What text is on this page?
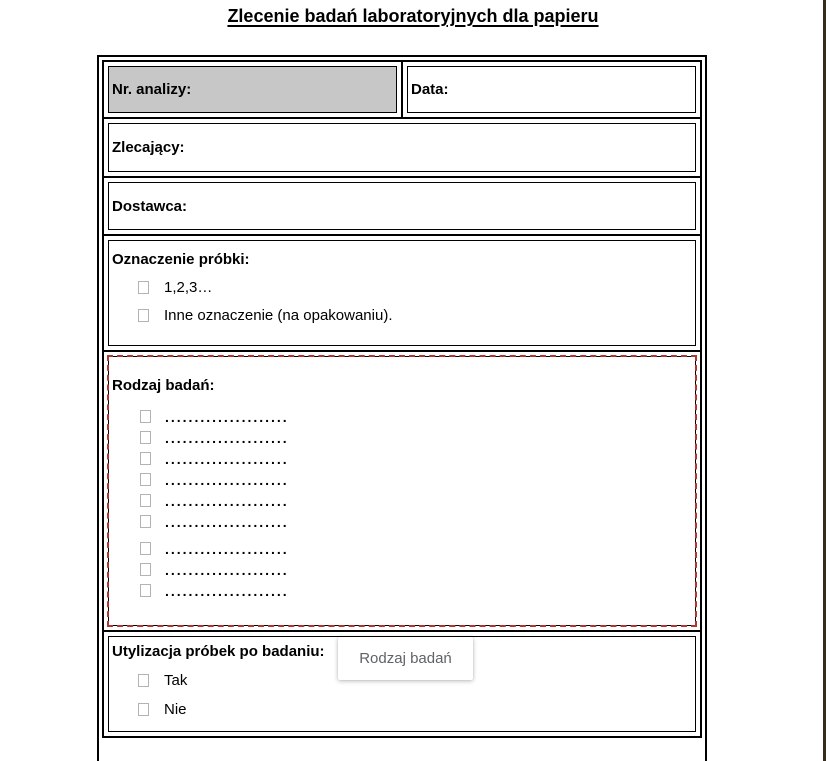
Zlecenie badań laboratoryjnych dla papieru
Nr. analizy:	Data:

Zlecający:

Dostawca:

Oznaczenie próbki:
1,2,3…
Inne oznaczenie (na opakowaniu).

Rodzaj badań:
.....................
.....................
.....................
.....................
.....................
.....................
.....................
.....................
.....................

Utylizacja próbek po badaniu:
Tak
Nie
Rodzaj badań
